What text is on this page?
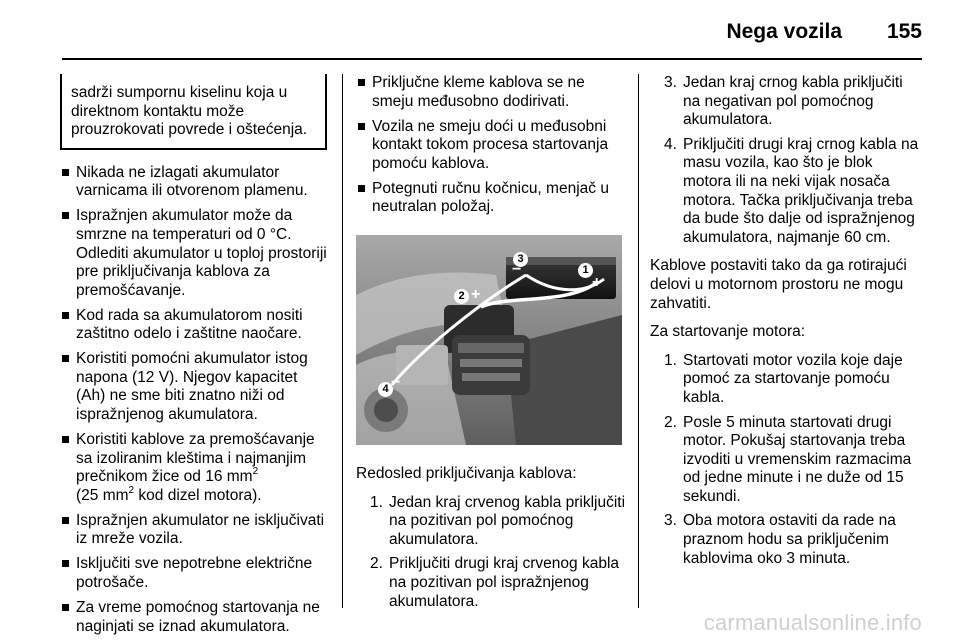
Nega vozila 155
sadrži sumpornu kiselinu koja u direktnom kontaktu može prouzrokovati povrede i oštećenja.
Nikada ne izlagati akumulator varnicama ili otvorenom plamenu.
Ispražnjen akumulator može da smrzne na temperaturi od 0 °C. Odlediti akumulator u toploj prostoriji pre priključivanja kablova za premošćavanje.
Kod rada sa akumulatorom nositi zaštitno odelo i zaštitne naočare.
Koristiti pomoćni akumulator istog napona (12 V). Njegov kapacitet (Ah) ne sme biti znatno niži od ispražnjenog akumulatora.
Koristiti kablove za premošćavanje sa izoliranim kleštima i najmanjim prečnikom žice od 16 $mm^2$
(25 $mm^2$ kod dizel motora).
Ispražnjen akumulator ne isključivati iz mreže vozila.
Isključiti sve nepotrebne električne potrošače.
Za vreme pomoćnog startovanja ne naginjati se iznad akumulatora.
Priključne kleme kablova se ne smeju međusobno dodirivati.
Vozila ne smeju doći u međusobni kontakt tokom procesa startovanja pomoću kablova.
Potegnuti ručnu kočnicu, menjač u neutralan položaj.
1
+
3
−
2 +
4 −

Redosled priključivanja kablova:

1. Jedan kraj crvenog kabla priključiti na pozitivan pol pomoćnog akumulatora.
2. Priključiti drugi kraj crvenog kabla na pozitivan pol ispražnjenog akumulatora.
3. Jedan kraj crnog kabla priključiti na negativan pol pomoćnog akumulatora.
4. Priključiti drugi kraj crnog kabla na masu vozila, kao što je blok motora ili na neki vijak nosača motora. Tačka priključivanja treba da bude što dalje od ispražnjenog akumulatora, najmanje 60 cm.

Kablove postaviti tako da ga rotirajući delovi u motornom prostoru ne mogu zahvatiti.

Za startovanje motora:

1. Startovati motor vozila koje daje pomoć za startovanje pomoću kabla.
2. Posle 5 minuta startovati drugi motor. Pokušaj startovanja treba izvoditi u vremenskim razmacima od jedne minute i ne duže od 15 sekundi.
3. Oba motora ostaviti da rade na praznom hodu sa priključenim kablovima oko 3 minuta.
carmanualsonline.info
